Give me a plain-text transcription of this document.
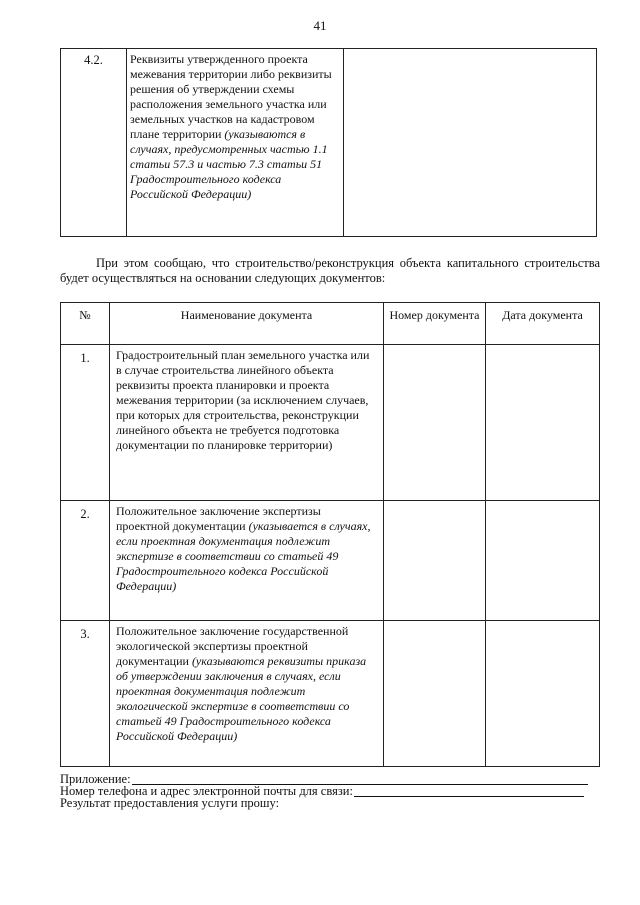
41
4.2.	Реквизиты утвержденного проекта межевания территории либо реквизиты решения об утверждении схемы расположения земельного участка или земельных участков на кадастровом плане территории (указываются в случаях, предусмотренных частью 1.1 статьи 57.3 и частью 7.3 статьи 51 Градостроительного кодекса Российской Федерации)

При этом сообщаю, что строительство/реконструкция объекта капитального строительства будет осуществляться на основании следующих документов:
№	Наименование документа	Номер документа	Дата документа
1.	Градостроительный план земельного участка или в случае строительства линейного объекта реквизиты проекта планировки и проекта межевания территории (за исключением случаев, при которых для строительства, реконструкции линейного объекта не требуется подготовка документации по планировке территории)		

2.	Положительное заключение экспертизы проектной документации (указывается в случаях, если проектная документация подлежит экспертизе в соответствии со статьей 49 Градостроительного кодекса Российской Федерации)		

3.	Положительное заключение государственной экологической экспертизы проектной документации (указываются реквизиты приказа об утверждении заключения в случаях, если проектная документация подлежит экологической экспертизе в соответствии со статьей 49 Градостроительного кодекса Российской Федерации)		

Приложение:
Номер телефона и адрес электронной почты для связи:
Результат предоставления услуги прошу:
